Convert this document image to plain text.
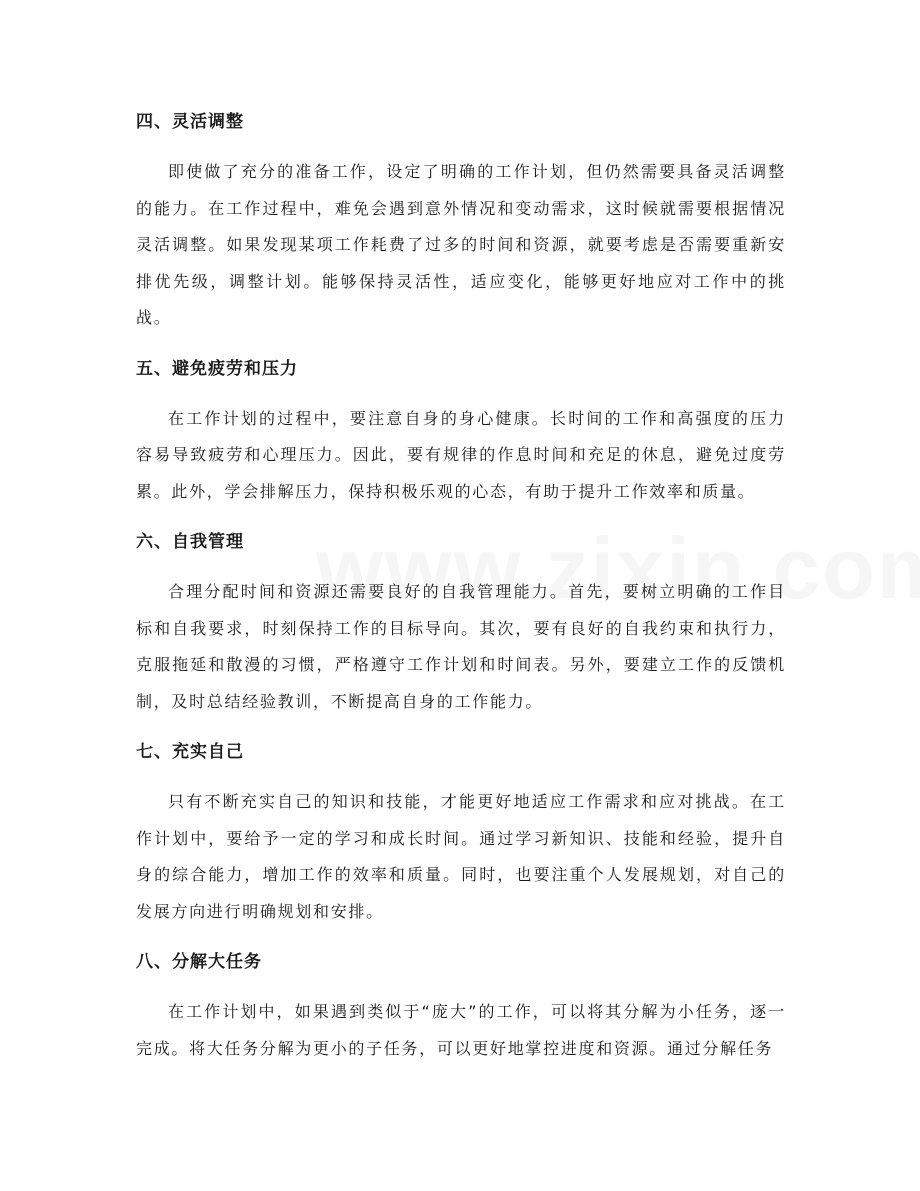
四、灵活调整

即使做了充分的准备工作，设定了明确的工作计划，但仍然需要具备灵活调整的能力。在工作过程中，难免会遇到意外情况和变动需求，这时候就需要根据情况灵活调整。如果发现某项工作耗费了过多的时间和资源，就要考虑是否需要重新安排优先级，调整计划。能够保持灵活性，适应变化，能够更好地应对工作中的挑战。

五、避免疲劳和压力

在工作计划的过程中，要注意自身的身心健康。长时间的工作和高强度的压力容易导致疲劳和心理压力。因此，要有规律的作息时间和充足的休息，避免过度劳累。此外，学会排解压力，保持积极乐观的心态，有助于提升工作效率和质量。

六、自我管理

合理分配时间和资源还需要良好的自我管理能力。首先，要树立明确的工作目标和自我要求，时刻保持工作的目标导向。其次，要有良好的自我约束和执行力，克服拖延和散漫的习惯，严格遵守工作计划和时间表。另外，要建立工作的反馈机制，及时总结经验教训，不断提高自身的工作能力。

七、充实自己

只有不断充实自己的知识和技能，才能更好地适应工作需求和应对挑战。在工作计划中，要给予一定的学习和成长时间。通过学习新知识、技能和经验，提升自身的综合能力，增加工作的效率和质量。同时，也要注重个人发展规划，对自己的发展方向进行明确规划和安排。

八、分解大任务

在工作计划中，如果遇到类似于“庞大”的工作，可以将其分解为小任务，逐一完成。将大任务分解为更小的子任务，可以更好地掌控进度和资源。通过分解任务
